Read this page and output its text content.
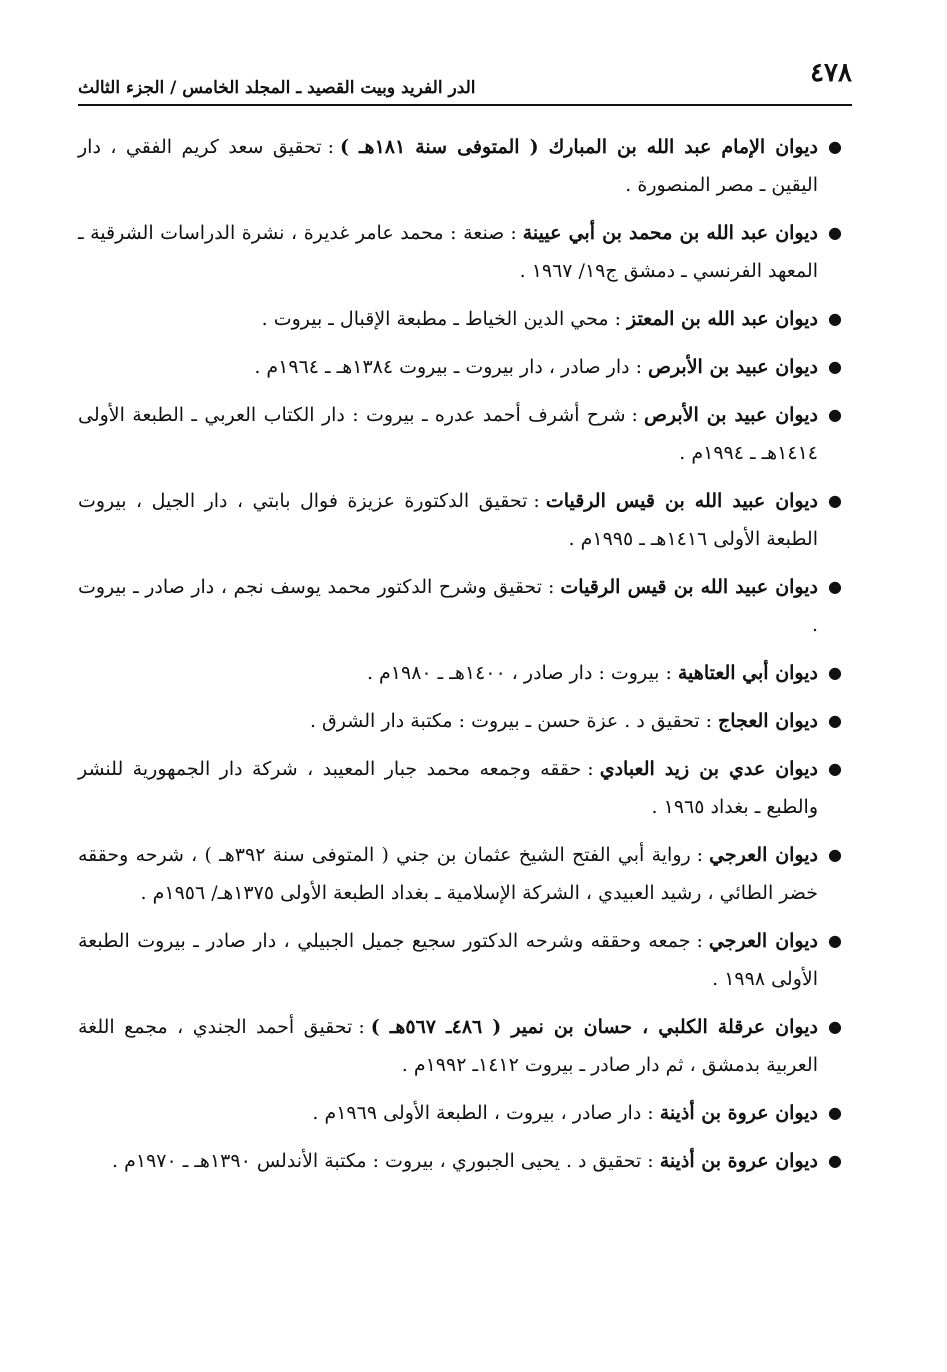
٤٧٨
الدر الفريد وبيت القصيد ـ المجلد الخامس / الجزء الثالث
●
ديوان الإمام عبد الله بن المبارك ( المتوفى سنة ١٨١هـ ):تحقيق سعد كريم الفقي ، دار اليقين ـ مصر المنصورة .
●
ديوان عبد الله بن محمد بن أبي عيينة:صنعة : محمد عامر غديرة ، نشرة الدراسات الشرقية ـ المعهد الفرنسي ـ دمشق ج١٩/ ١٩٦٧ .
●
ديوان عبد الله بن المعتز:محي الدين الخياط ـ مطبعة الإقبال ـ بيروت .
●
ديوان عبيد بن الأبرص:دار صادر ، دار بيروت ـ بيروت ١٣٨٤هـ ـ ١٩٦٤م .
●
ديوان عبيد بن الأبرص:شرح أشرف أحمد عدره ـ بيروت : دار الكتاب العربي ـ الطبعة الأولى ١٤١٤هـ ـ ١٩٩٤م .
●
ديوان عبيد الله بن قيس الرقيات:تحقيق الدكتورة عزيزة فوال بابتي ، دار الجيل ، بيروت الطبعة الأولى ١٤١٦هـ ـ ١٩٩٥م .
●
ديوان عبيد الله بن قيس الرقيات:تحقيق وشرح الدكتور محمد يوسف نجم ، دار صادر ـ بيروت .
●
ديوان أبي العتاهية:بيروت : دار صادر ، ١٤٠٠هـ ـ ١٩٨٠م .
●
ديوان العجاج:تحقيق د . عزة حسن ـ بيروت : مكتبة دار الشرق .
●
ديوان عدي بن زيد العبادي:حققه وجمعه محمد جبار المعيبد ، شركة دار الجمهورية للنشر والطبع ـ بغداد ١٩٦٥ .
●
ديوان العرجي:رواية أبي الفتح الشيخ عثمان بن جني ( المتوفى سنة ٣٩٢هـ ) ، شرحه وحققه خضر الطائي ، رشيد العبيدي ، الشركة الإسلامية ـ بغداد الطبعة الأولى ١٣٧٥هـ/ ١٩٥٦م .
●
ديوان العرجي:جمعه وحققه وشرحه الدكتور سجيع جميل الجبيلي ، دار صادر ـ بيروت الطبعة الأولى ١٩٩٨ .
●
ديوان عرقلة الكلبي ، حسان بن نمير ( ٤٨٦ـ ٥٦٧هـ ):تحقيق أحمد الجندي ، مجمع اللغة العربية بدمشق ، ثم دار صادر ـ بيروت ١٤١٢ـ ١٩٩٢م .
●
ديوان عروة بن أذينة:دار صادر ، بيروت ، الطبعة الأولى ١٩٦٩م .
●
ديوان عروة بن أذينة:تحقيق د . يحيى الجبوري ، بيروت : مكتبة الأندلس ١٣٩٠هـ ـ ١٩٧٠م .
